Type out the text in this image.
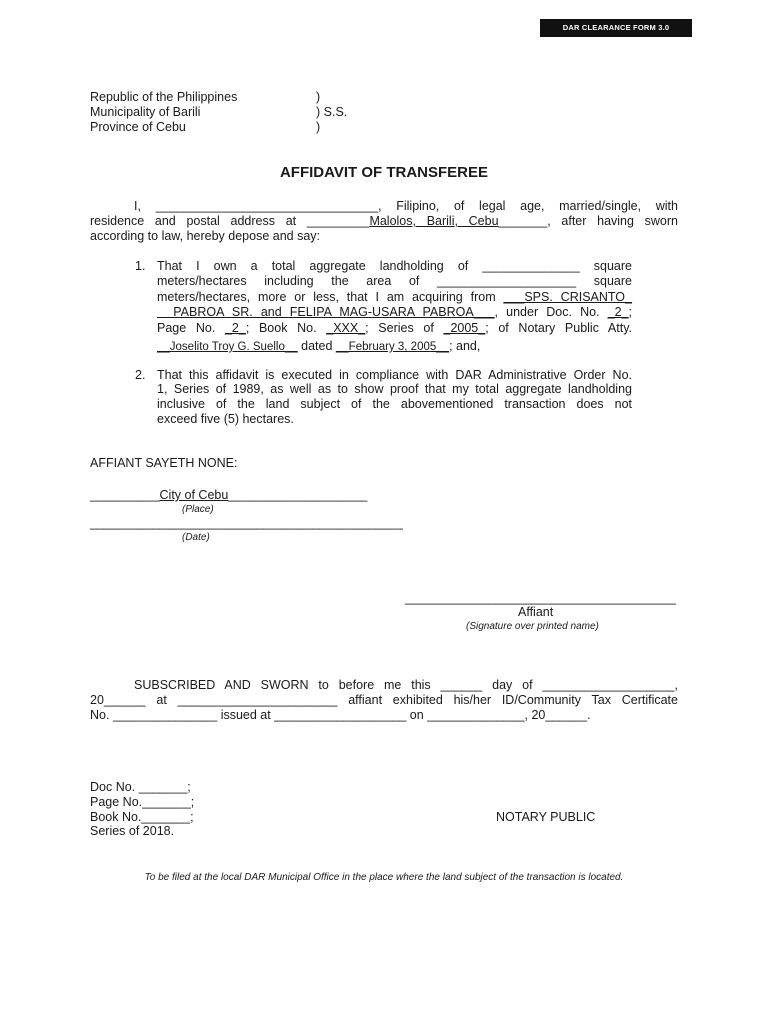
DAR CLEARANCE FORM 3.0
Republic of the Philippines	)
Municipality of Barili	) S.S.
Province of Cebu	)
AFFIDAVIT OF TRANSFEREE
I, ________________________________, Filipino, of legal age, married/single, with
residence and postal address at _________Malolos, Barili, Cebu_______, after having sworn
according to law, hereby depose and say:
1. That I own a total aggregate landholding of ______________ square
meters/hectares including the area of ____________________ square
meters/hectares, more or less, that I am acquiring from ___SPS. CRISANTO_
PABROA SR. and FELIPA MAG-USARA PABROA___, under Doc. No. _2_;
Page No. _2_; Book No. _XXX_; Series of _2005_; of Notary Public Atty.
__Joselito Troy G. Suello__ dated __February 3, 2005__; and,
2. That this affidavit is executed in compliance with DAR Administrative Order No.
1, Series of 1989, as well as to show proof that my total aggregate landholding
inclusive of the land subject of the abovementioned transaction does not
exceed five (5) hectares.
AFFIANT SAYETH NONE:
__________City of Cebu____________________
(Place)
_____________________________________________
(Date)
_______________________________________
Affiant
(Signature over printed name)
SUBSCRIBED AND SWORN to before me this ______ day of ___________________,
20______ at _______________________ affiant exhibited his/her ID/Community Tax Certificate
No. _______________ issued at ___________________ on ______________, 20______.
Doc No. _______;
Page No._______;
Book No._______;
Series of 2018.
NOTARY PUBLIC
To be filed at the local DAR Municipal Office in the place where the land subject of the transaction is located.
